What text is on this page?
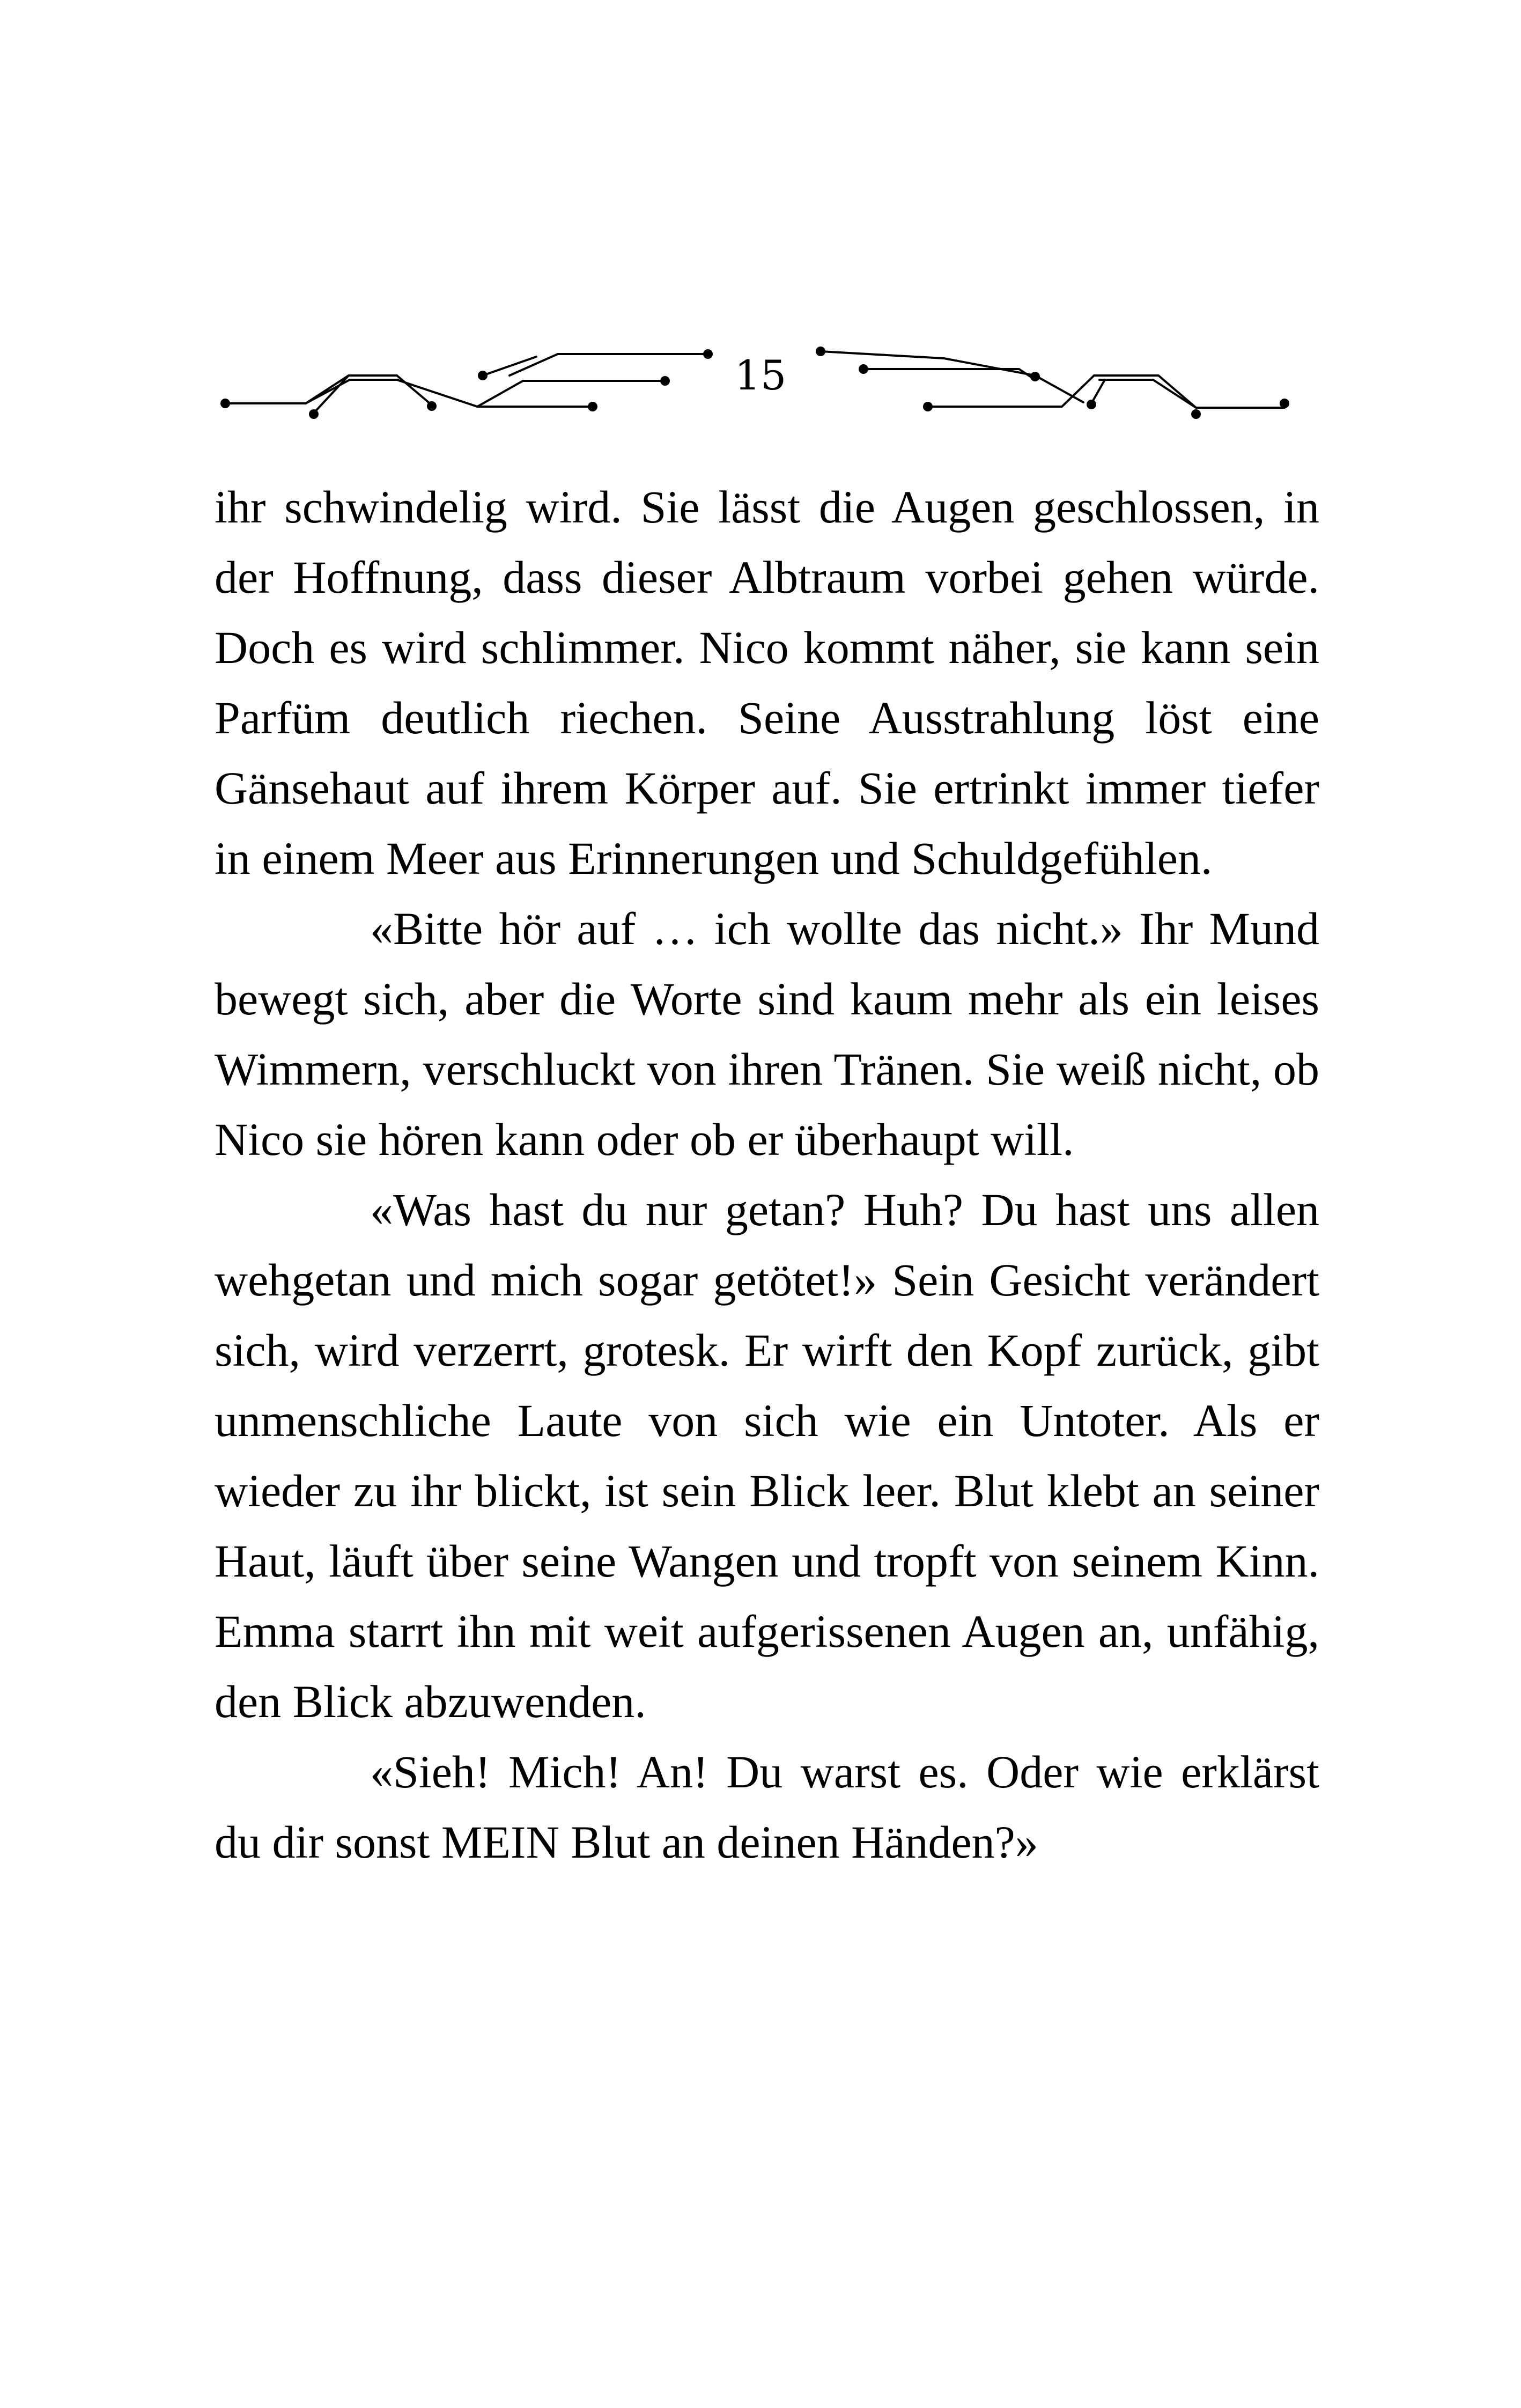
15

ihr schwindelig wird. Sie lässt die Augen geschlossen, in der Hoffnung, dass dieser Albtraum vorbei gehen würde. Doch es wird schlimmer. Nico kommt näher, sie kann sein Parfüm deutlich riechen. Seine Ausstrahlung löst eine Gänsehaut auf ihrem Körper auf. Sie ertrinkt immer tiefer in einem Meer aus Erinnerungen und Schuldgefühlen.

«Bitte hör auf … ich wollte das nicht.» Ihr Mund bewegt sich, aber die Worte sind kaum mehr als ein leises Wimmern, verschluckt von ihren Tränen. Sie weiß nicht, ob Nico sie hören kann oder ob er überhaupt will.

«Was hast du nur getan? Huh? Du hast uns allen wehgetan und mich sogar getötet!» Sein Gesicht verändert sich, wird verzerrt, grotesk. Er wirft den Kopf zurück, gibt unmenschliche Laute von sich wie ein Untoter. Als er wieder zu ihr blickt, ist sein Blick leer. Blut klebt an seiner Haut, läuft über seine Wangen und tropft von seinem Kinn. Emma starrt ihn mit weit aufgerissenen Augen an, unfähig, den Blick abzuwenden.

«Sieh! Mich! An! Du warst es. Oder wie erklärst du dir sonst MEIN Blut an deinen Händen?»
